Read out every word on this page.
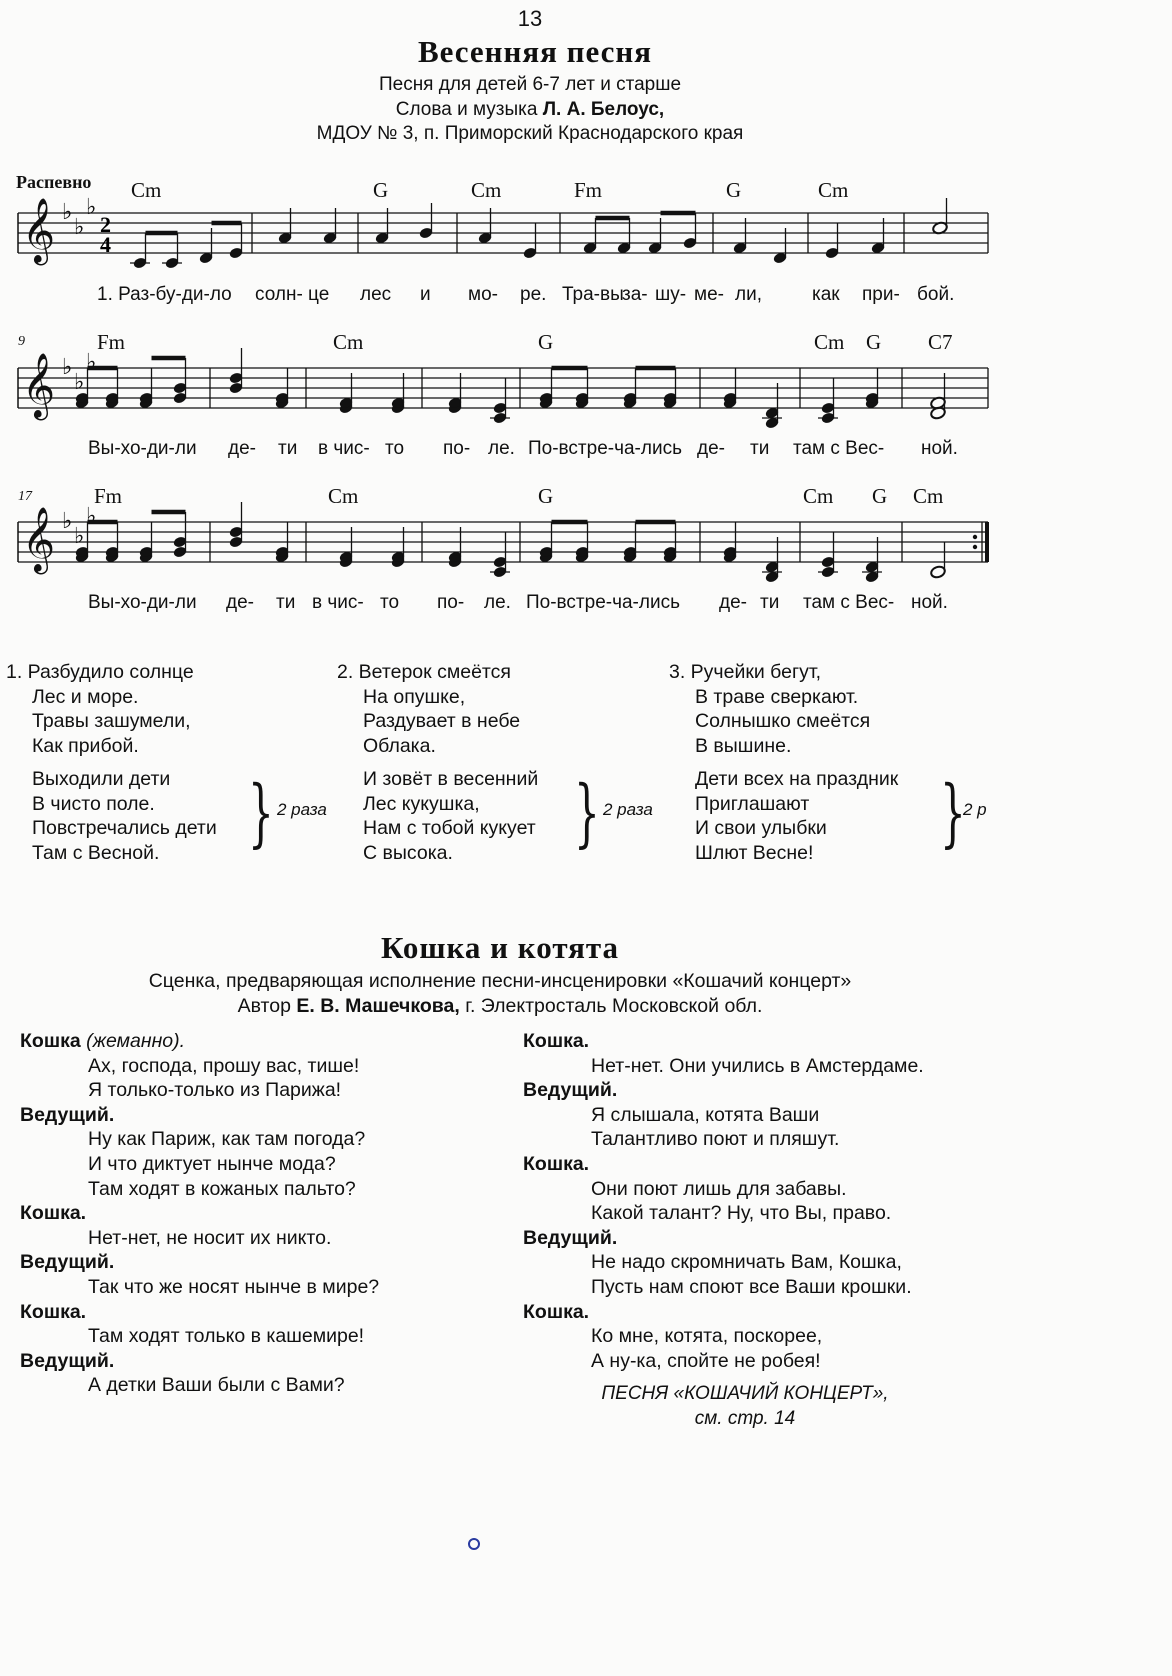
13
Весенняя песня
Песня для детей 6-7 лет и старше
Слова и музыка Л. А. Белоус,
МДОУ № 3, п. Приморский Краснодарского края
Распевно Cm	G	Cm	Fm	G	Cm
𝄞 ♭
♭
♭
2
4
1. Раз-бу-ди-ло солн- це лес и мо- ре. Тра-вы
за- шу- ме- ли,	как при- бой.
9	Fm	Cm	G	Cm G C7
𝄞 ♭
♭
♭
Вы-хо-ди-ли де- ти в чис- то по- ле. По-встре-ча-лись де- ти там с Вес- ной.
17	Fm	Cm	G	Cm G Cm
𝄞 ♭
♭
♭
Вы-хо-ди-ли де- ти в чис- то по- ле. По-встре-ча-лись де- ти там с Вес- ной.
1. Разбудило солнце
Лес и море.
Травы зашумели,
Как прибой.
Выходили дети
В чисто поле.
Повстречались дети
Там с Весной.	} 2 раза
2. Ветерок смеётся
На опушке,
Раздувает в небе
Облака.
И зовёт в весенний
Лес кукушка,
Нам с тобой кукует
С высока.	} 2 раза
3. Ручейки бегут,
В траве сверкают.
Солнышко смеётся
В вышине.
Дети всех на праздник
Приглашают
И свои улыбки
Шлют Весне!	}
2 р
Кошка и котята
Сценка, предваряющая исполнение песни-инсценировки «Кошачий концерт»
Автор Е. В. Машечкова, г. Электросталь Московской обл.
Кошка (жеманно).
Ах, господа, прошу вас, тише!
Я только-только из Парижа!
Ведущий.
Ну как Париж, как там погода?
И что диктует нынче мода?
Там ходят в кожаных пальто?
Кошка.
Нет-нет, не носит их никто.
Ведущий.
Так что же носят нынче в мире?
Кошка.
Там ходят только в кашемире!
Ведущий.
А детки Ваши были с Вами?
Кошка.
Нет-нет. Они учились в Амстердаме.
Ведущий.
Я слышала, котята Ваши
Талантливо поют и пляшут.
Кошка.
Они поют лишь для забавы.
Какой талант? Ну, что Вы, право.
Ведущий.
Не надо скромничать Вам, Кошка,
Пусть нам споют все Ваши крошки.
Кошка.
Ко мне, котята, поскорее,
А ну-ка, спойте не робея!
ПЕСНЯ «КОШАЧИЙ КОНЦЕРТ»,
см. стр. 14
